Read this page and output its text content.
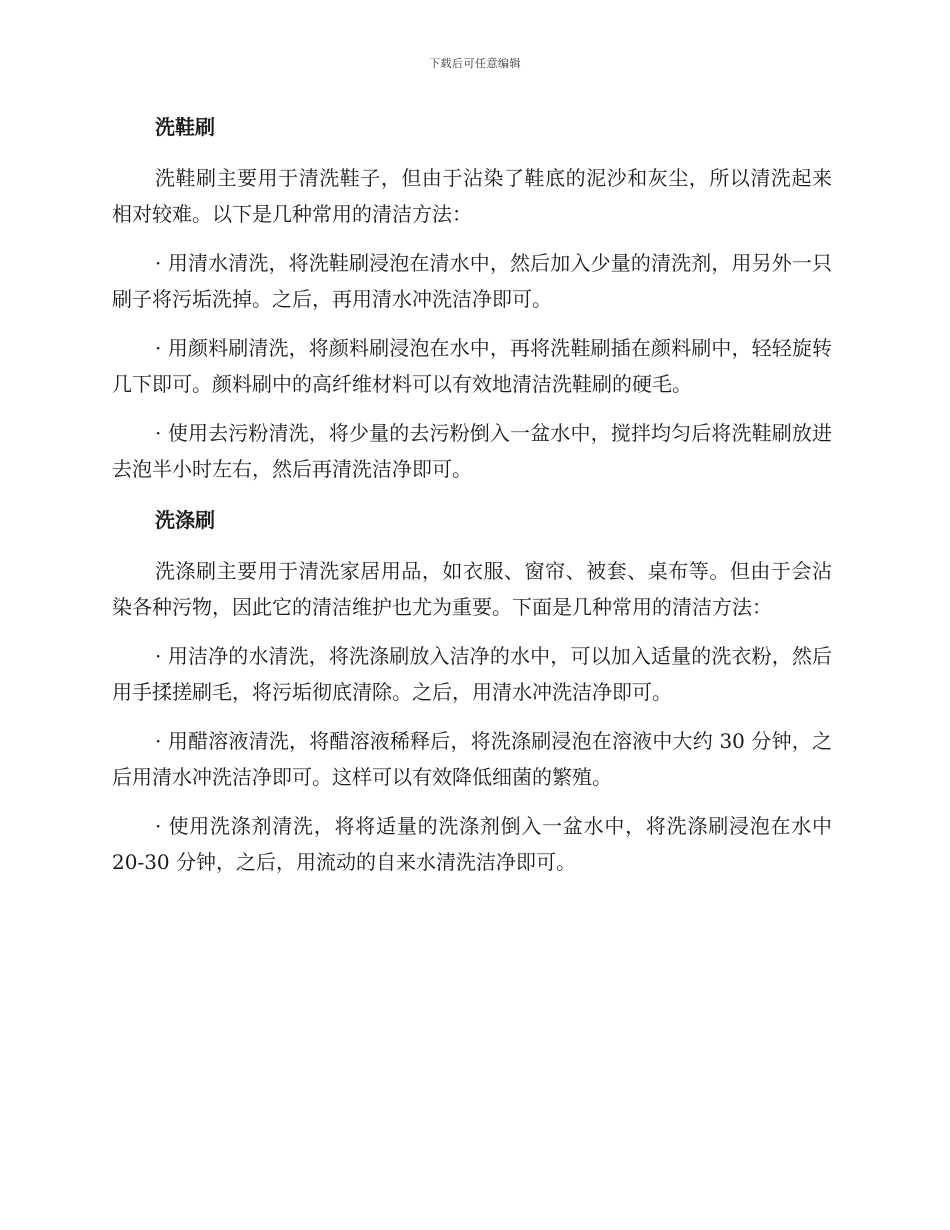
下载后可任意编辑
洗鞋刷

洗鞋刷主要用于清洗鞋子，但由于沾染了鞋底的泥沙和灰尘，所以清洗起来相对较难。以下是几种常用的清洁方法：

· 用清水清洗，将洗鞋刷浸泡在清水中，然后加入少量的清洗剂，用另外一只刷子将污垢洗掉。之后，再用清水冲洗洁净即可。

· 用颜料刷清洗，将颜料刷浸泡在水中，再将洗鞋刷插在颜料刷中，轻轻旋转几下即可。颜料刷中的高纤维材料可以有效地清洁洗鞋刷的硬毛。

· 使用去污粉清洗，将少量的去污粉倒入一盆水中，搅拌均匀后将洗鞋刷放进去泡半小时左右，然后再清洗洁净即可。

洗涤刷

洗涤刷主要用于清洗家居用品，如衣服、窗帘、被套、桌布等。但由于会沾染各种污物，因此它的清洁维护也尤为重要。下面是几种常用的清洁方法：

· 用洁净的水清洗，将洗涤刷放入洁净的水中，可以加入适量的洗衣粉，然后用手揉搓刷毛，将污垢彻底清除。之后，用清水冲洗洁净即可。

· 用醋溶液清洗，将醋溶液稀释后，将洗涤刷浸泡在溶液中大约 30 分钟，之后用清水冲洗洁净即可。这样可以有效降低细菌的繁殖。

· 使用洗涤剂清洗，将将适量的洗涤剂倒入一盆水中，将洗涤刷浸泡在水中 20-30 分钟，之后，用流动的自来水清洗洁净即可。
